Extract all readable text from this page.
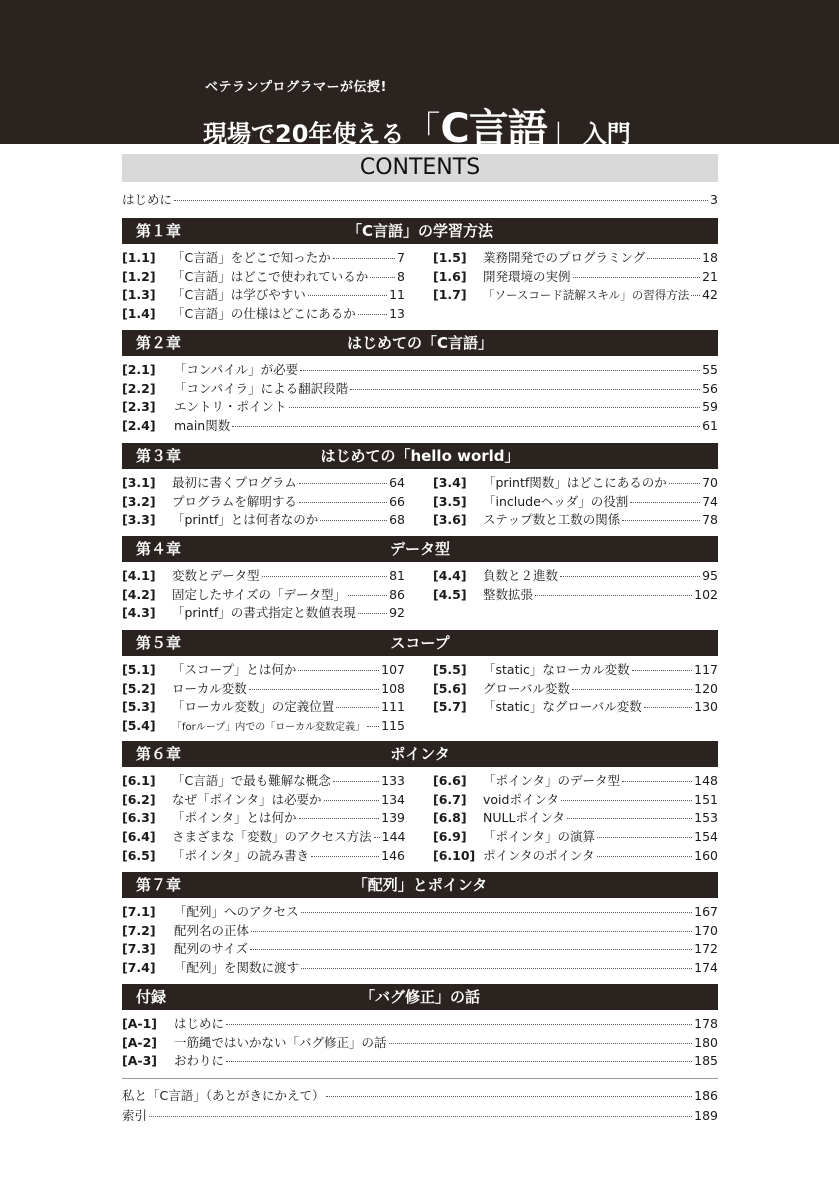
ベテランプログラマーが伝授!
現場で20年使える「C言語」入門
CONTENTS
はじめに	3
第１章	「C言語」の学習方法
[1.1]	「C言語」をどこで知ったか	7
[1.2]	「C言語」はどこで使われているか 8
[1.3]	「C言語」は学びやすい	11
[1.4]	「C言語」の仕様はどこにあるか	13
[1.5]	業務開発でのプログラミング	18
[1.6]	開発環境の実例	21
[1.7]	「ソースコード読解スキル」の習得方法 42
第２章	はじめての「C言語」
[2.1]	「コンパイル」が必要	55
[2.2]	「コンパイラ」による翻訳段階	56
[2.3]	エントリ・ポイント	59
[2.4]	main関数	61
第３章	はじめての「hello world」
[3.1]	最初に書くプログラム	64
[3.2]	プログラムを解明する	66
[3.3]	「printf」とは何者なのか	68
[3.4]	「printf関数」はどこにあるのか	70
[3.5]	「includeヘッダ」の役割	74
[3.6]	ステップ数と工数の関係	78
第４章	データ型
[4.1]	変数とデータ型	81
[4.2]	固定したサイズの「データ型」	86
[4.3]	「printf」の書式指定と数値表現	92
[4.4]	負数と２進数	95
[4.5]	整数拡張	102
第５章	スコープ
[5.1]	「スコープ」とは何か	107
[5.2]	ローカル変数	108
[5.3]	「ローカル変数」の定義位置	111
[5.4]	「forループ」内での「ローカル変数定義」 115
[5.5]	「static」なローカル変数	117
[5.6]	グローバル変数	120
[5.7]	「static」なグローバル変数	130
第６章	ポインタ
[6.1]	「C言語」で最も難解な概念	133
[6.2]	なぜ「ポインタ」は必要か	134
[6.3]	「ポインタ」とは何か	139
[6.4]	さまざまな「変数」のアクセス方法 144
[6.5]	「ポインタ」の読み書き	146
[6.6]	「ポインタ」のデータ型	148
[6.7]	voidポインタ	151
[6.8]	NULLポインタ	153
[6.9]	「ポインタ」の演算	154
[6.10] ポインタのポインタ	160
第７章	「配列」とポインタ
[7.1]	「配列」へのアクセス	167
[7.2]	配列名の正体	170
[7.3]	配列のサイズ	172
[7.4]	「配列」を関数に渡す	174
付録	「バグ修正」の話
[A-1]	はじめに	178
[A-2]	一筋縄ではいかない「バグ修正」の話	180
[A-3]	おわりに	185
私と「C言語」（あとがきにかえて）	186
索引	189
